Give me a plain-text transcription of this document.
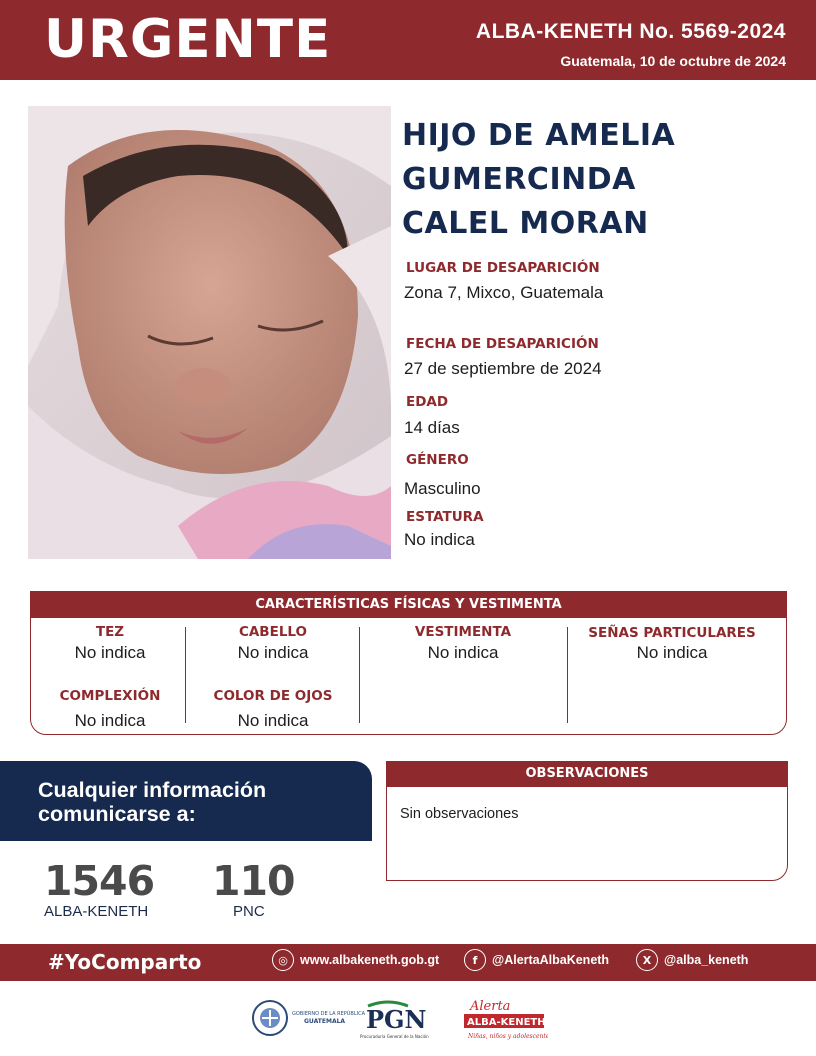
URGENTE	ALBA-KENETH No. 5569-2024
Guatemala, 10 de octubre de 2024
HIJO DE AMELIA
GUMERCINDA
CALEL MORAN
LUGAR DE DESAPARICIÓN
Zona 7, Mixco, Guatemala
FECHA DE DESAPARICIÓN
27 de septiembre de 2024
EDAD
14 días
GÉNERO
Masculino
ESTATURA
No indica
CARACTERÍSTICAS FÍSICAS Y VESTIMENTA
TEZ
No indica
CABELLO
No indica
VESTIMENTA
No indica
SEÑAS PARTICULARES
No indica
COMPLEXIÓN
No indica
COLOR DE OJOS
No indica
Cualquier información
comunicarse a:
1546
ALBA-KENETH
110
PNC
OBSERVACIONES
Sin observaciones
#YoComparto	◎ www.albakeneth.gob.gt	f	@AlertaAlbaKeneth	X	@alba_keneth
GOBIERNO DE LA REPÚBLICA
GUATEMALA PGN
Procuraduría General de la Nación
Alerta
ALBA-KENETH
Niñas, niños y adolescentes
